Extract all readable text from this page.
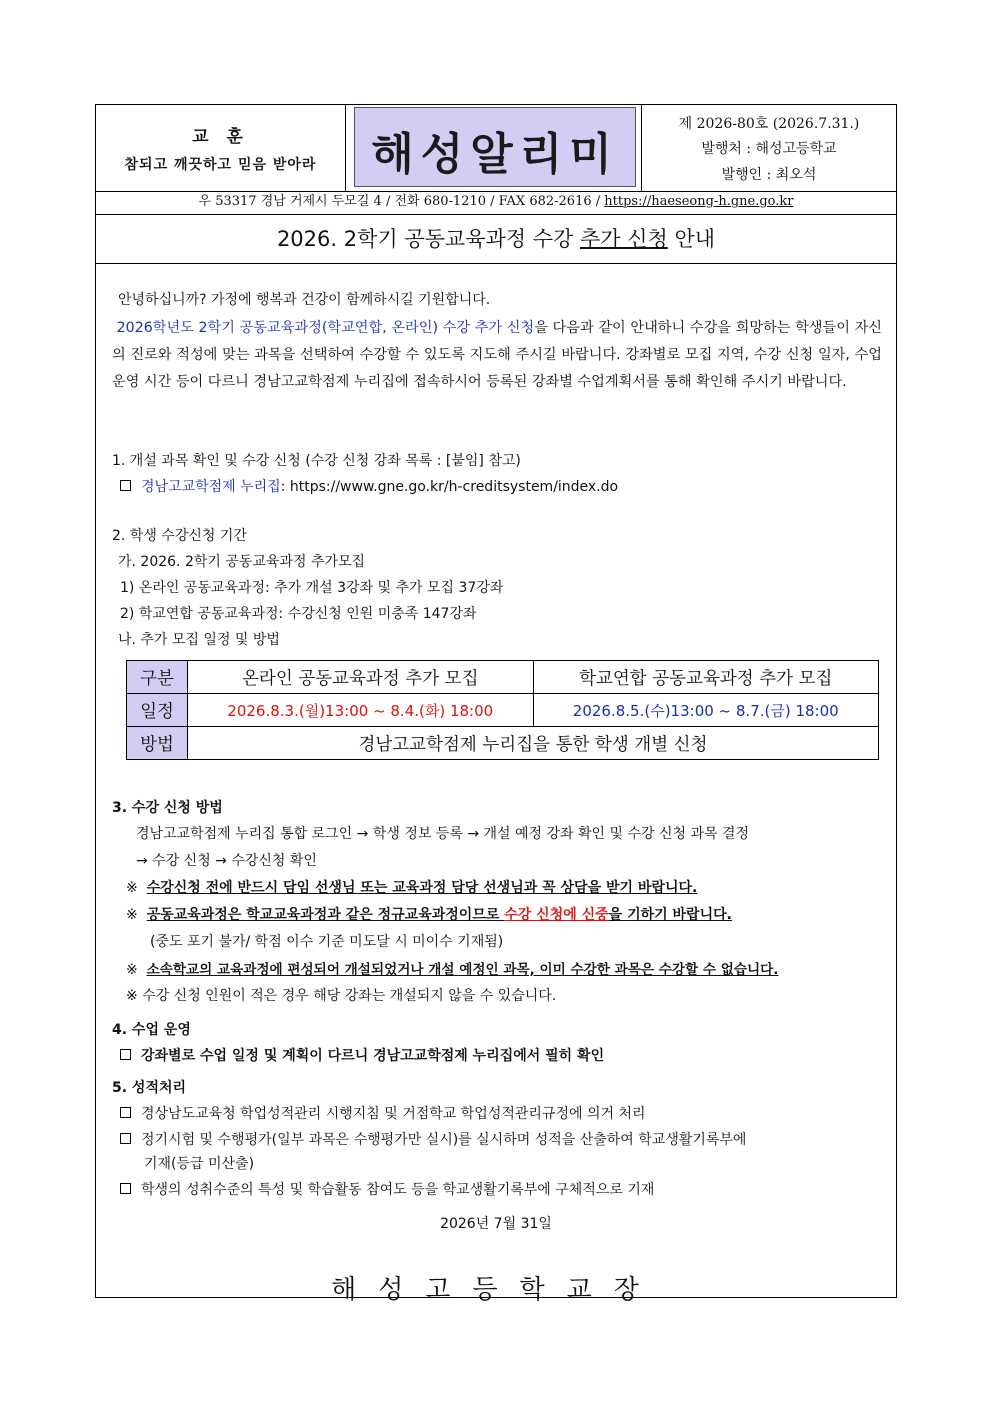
교 훈
참되고 깨끗하고 믿음 받아라	해성알리미
제 2026-80호 (2026.7.31.)
발행처 : 해성고등학교
발행인 : 최오석
우 53317 경남 거제시 두모길 4 / 전화 680-1210 / FAX 682-2616 / https://haeseong-h.gne.go.kr
2026. 2학기 공동교육과정 수강 추가 신청 안내
안녕하십니까? 가정에 행복과 건강이 함께하시길 기원합니다.
2026학년도 2학기 공동교육과정(학교연합, 온라인) 수강 추가 신청을 다음과 같이 안내하니 수강을 희망하는 학생들이 자신의 진로와 적성에 맞는 과목을 선택하여 수강할 수 있도록 지도해 주시길 바랍니다. 강좌별로 모집 지역, 수강 신청 일자, 수업 운영 시간 등이 다르니 경남고교학점제 누리집에 접속하시어 등록된 강좌별 수업계획서를 통해 확인해 주시기 바랍니다.
1. 개설 과목 확인 및 수강 신청 (수강 신청 강좌 목록 : [붙임] 참고)
경남고교학점제 누리집: https://www.gne.go.kr/h-creditsystem/index.do
2. 학생 수강신청 기간
가. 2026. 2학기 공동교육과정 추가모집
1) 온라인 공동교육과정: 추가 개설 3강좌 및 추가 모집 37강좌
2) 학교연합 공동교육과정: 수강신청 인원 미충족 147강좌
나. 추가 모집 일정 및 방법
구분	온라인 공동교육과정 추가 모집	학교연합 공동교육과정 추가 모집
일정	2026.8.3.(월)13:00 ~ 8.4.(화) 18:00	2026.8.5.(수)13:00 ~ 8.7.(금) 18:00
방법	경남고교학점제 누리집을 통한 학생 개별 신청	
3. 수강 신청 방법
경남고교학점제 누리집 통합 로그인 → 학생 정보 등록 → 개설 예정 강좌 확인 및 수강 신청 과목 결정
→ 수강 신청 → 수강신청 확인
※ 수강신청 전에 반드시 담임 선생님 또는 교육과정 담당 선생님과 꼭 상담을 받기 바랍니다.
※ 공동교육과정은 학교교육과정과 같은 정규교육과정이므로 수강 신청에 신중을 기하기 바랍니다.
(중도 포기 불가/ 학점 이수 기준 미도달 시 미이수 기재됨)
※ 소속학교의 교육과정에 편성되어 개설되었거나 개설 예정인 과목, 이미 수강한 과목은 수강할 수 없습니다.
※ 수강 신청 인원이 적은 경우 해당 강좌는 개설되지 않을 수 있습니다.
4. 수업 운영
강좌별로 수업 일정 및 계획이 다르니 경남고교학점제 누리집에서 필히 확인
5. 성적처리
경상남도교육청 학업성적관리 시행지침 및 거점학교 학업성적관리규정에 의거 처리
정기시험 및 수행평가(일부 과목은 수행평가만 실시)를 실시하며 성적을 산출하여 학교생활기록부에
기재(등급 미산출)
학생의 성취수준의 특성 및 학습활동 참여도 등을 학교생활기록부에 구체적으로 기재
2026년 7월 31일
해성고등학교장
